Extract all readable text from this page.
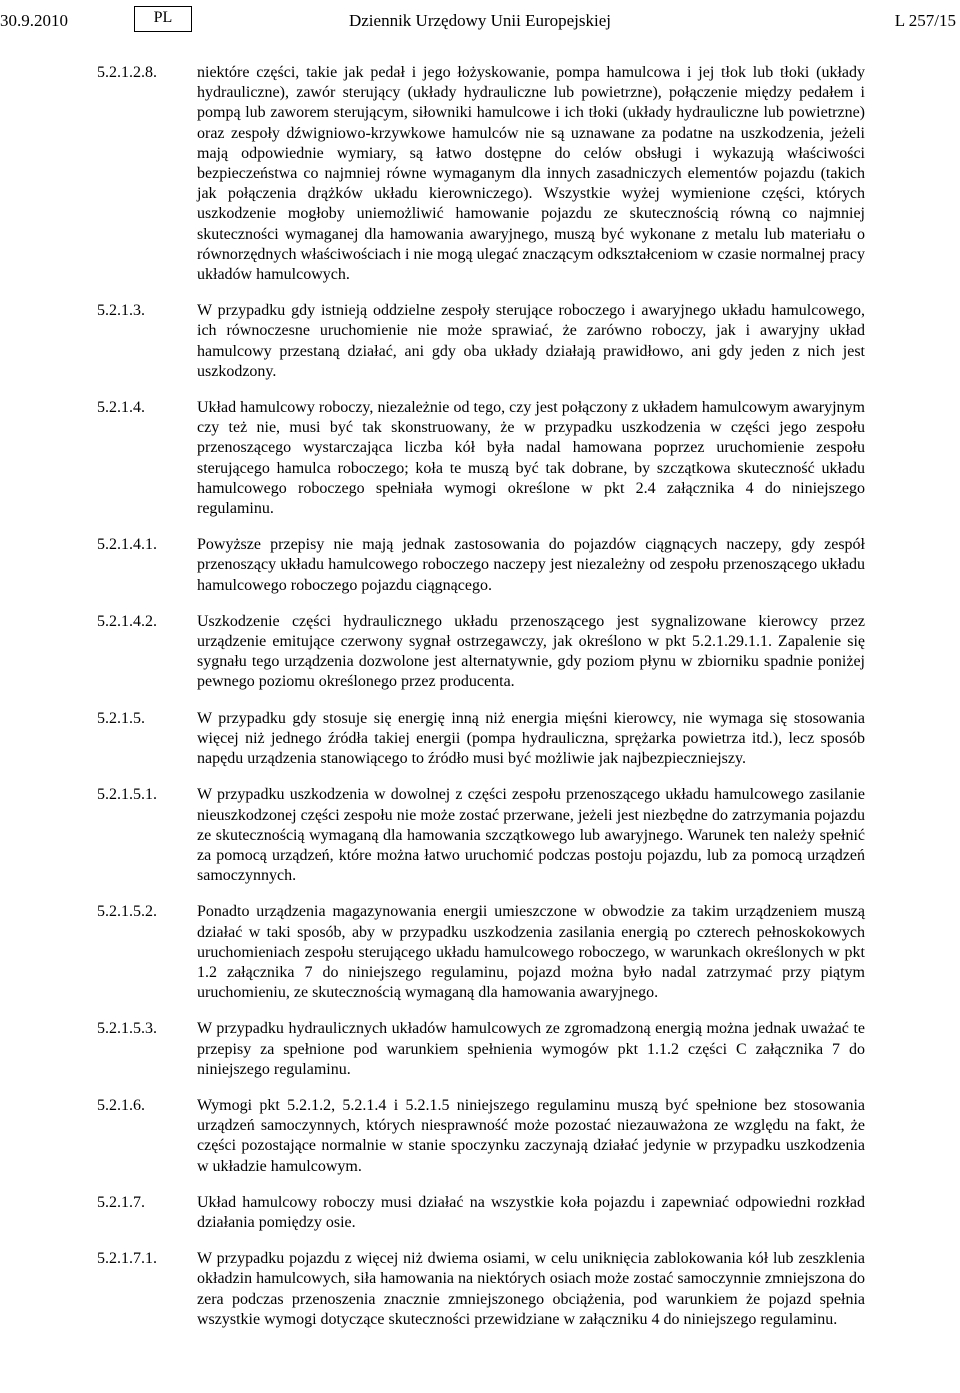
30.9.2010	PL	Dziennik Urzędowy Unii Europejskiej	L 257/15
5.2.1.2.8.	niektóre części, takie jak pedał i jego łożyskowanie, pompa hamulcowa i jej tłok lub tłoki (układy hydrauliczne), zawór sterujący (układy hydrauliczne lub powietrzne), połączenie między pedałem i pompą lub zaworem sterującym, siłowniki hamulcowe i ich tłoki (układy hydrauliczne lub powietrzne) oraz zespoły dźwigniowo-krzywkowe hamulców nie są uznawane za podatne na uszkodzenia, jeżeli mają odpowiednie wymiary, są łatwo dostępne do celów obsługi i wykazują właściwości bezpieczeństwa co najmniej równe wymaganym dla innych zasadniczych elementów pojazdu (takich jak połączenia drążków układu kierowniczego). Wszystkie wyżej wymienione części, których uszkodzenie mogłoby uniemożliwić hamowanie pojazdu ze skutecznością równą co najmniej skuteczności wymaganej dla hamowania awaryjnego, muszą być wykonane z metalu lub materiału o równorzędnych właściwościach i nie mogą ulegać znaczącym odkształceniom w czasie normalnej pracy układów hamulcowych.
5.2.1.3.	W przypadku gdy istnieją oddzielne zespoły sterujące roboczego i awaryjnego układu hamulcowego, ich równoczesne uruchomienie nie może sprawiać, że zarówno roboczy, jak i awaryjny układ hamulcowy przestaną działać, ani gdy oba układy działają prawidłowo, ani gdy jeden z nich jest uszkodzony.
5.2.1.4.	Układ hamulcowy roboczy, niezależnie od tego, czy jest połączony z układem hamulcowym awaryjnym czy też nie, musi być tak skonstruowany, że w przypadku uszkodzenia w części jego zespołu przenoszącego wystarczająca liczba kół była nadal hamowana poprzez uruchomienie zespołu sterującego hamulca roboczego; koła te muszą być tak dobrane, by szczątkowa skuteczność układu hamulcowego roboczego spełniała wymogi określone w pkt 2.4 załącznika 4 do niniejszego regulaminu.
5.2.1.4.1.	Powyższe przepisy nie mają jednak zastosowania do pojazdów ciągnących naczepy, gdy zespół przenoszący układu hamulcowego roboczego naczepy jest niezależny od zespołu przenoszącego układu hamulcowego roboczego pojazdu ciągnącego.
5.2.1.4.2.	Uszkodzenie części hydraulicznego układu przenoszącego jest sygnalizowane kierowcy przez urządzenie emitujące czerwony sygnał ostrzegawczy, jak określono w pkt 5.2.1.29.1.1. Zapalenie się sygnału tego urządzenia dozwolone jest alternatywnie, gdy poziom płynu w zbiorniku spadnie poniżej pewnego poziomu określonego przez producenta.
5.2.1.5.	W przypadku gdy stosuje się energię inną niż energia mięśni kierowcy, nie wymaga się stosowania więcej niż jednego źródła takiej energii (pompa hydrauliczna, sprężarka powietrza itd.), lecz sposób napędu urządzenia stanowiącego to źródło musi być możliwie jak najbezpieczniejszy.
5.2.1.5.1.	W przypadku uszkodzenia w dowolnej z części zespołu przenoszącego układu hamulcowego zasilanie nieuszkodzonej części zespołu nie może zostać przerwane, jeżeli jest niezbędne do zatrzymania pojazdu ze skutecznością wymaganą dla hamowania szczątkowego lub awaryjnego. Warunek ten należy spełnić za pomocą urządzeń, które można łatwo uruchomić podczas postoju pojazdu, lub za pomocą urządzeń samoczynnych.
5.2.1.5.2.	Ponadto urządzenia magazynowania energii umieszczone w obwodzie za takim urządzeniem muszą działać w taki sposób, aby w przypadku uszkodzenia zasilania energią po czterech pełnoskokowych uruchomieniach zespołu sterującego układu hamulcowego roboczego, w warunkach określonych w pkt 1.2 załącznika 7 do niniejszego regulaminu, pojazd można było nadal zatrzymać przy piątym uruchomieniu, ze skutecznością wymaganą dla hamowania awaryjnego.
5.2.1.5.3.	W przypadku hydraulicznych układów hamulcowych ze zgromadzoną energią można jednak uważać te przepisy za spełnione pod warunkiem spełnienia wymogów pkt 1.1.2 części C załącznika 7 do niniejszego regulaminu.
5.2.1.6.	Wymogi pkt 5.2.1.2, 5.2.1.4 i 5.2.1.5 niniejszego regulaminu muszą być spełnione bez stosowania urządzeń samoczynnych, których niesprawność może pozostać niezauważona ze względu na fakt, że części pozostające normalnie w stanie spoczynku zaczynają działać jedynie w przypadku uszkodzenia w układzie hamulcowym.
5.2.1.7.	Układ hamulcowy roboczy musi działać na wszystkie koła pojazdu i zapewniać odpowiedni rozkład działania pomiędzy osie.
5.2.1.7.1.	W przypadku pojazdu z więcej niż dwiema osiami, w celu uniknięcia zablokowania kół lub zeszklenia okładzin hamulcowych, siła hamowania na niektórych osiach może zostać samoczynnie zmniejszona do zera podczas przenoszenia znacznie zmniejszonego obciążenia, pod warunkiem że pojazd spełnia wszystkie wymogi dotyczące skuteczności przewidziane w załączniku 4 do niniejszego regulaminu.
